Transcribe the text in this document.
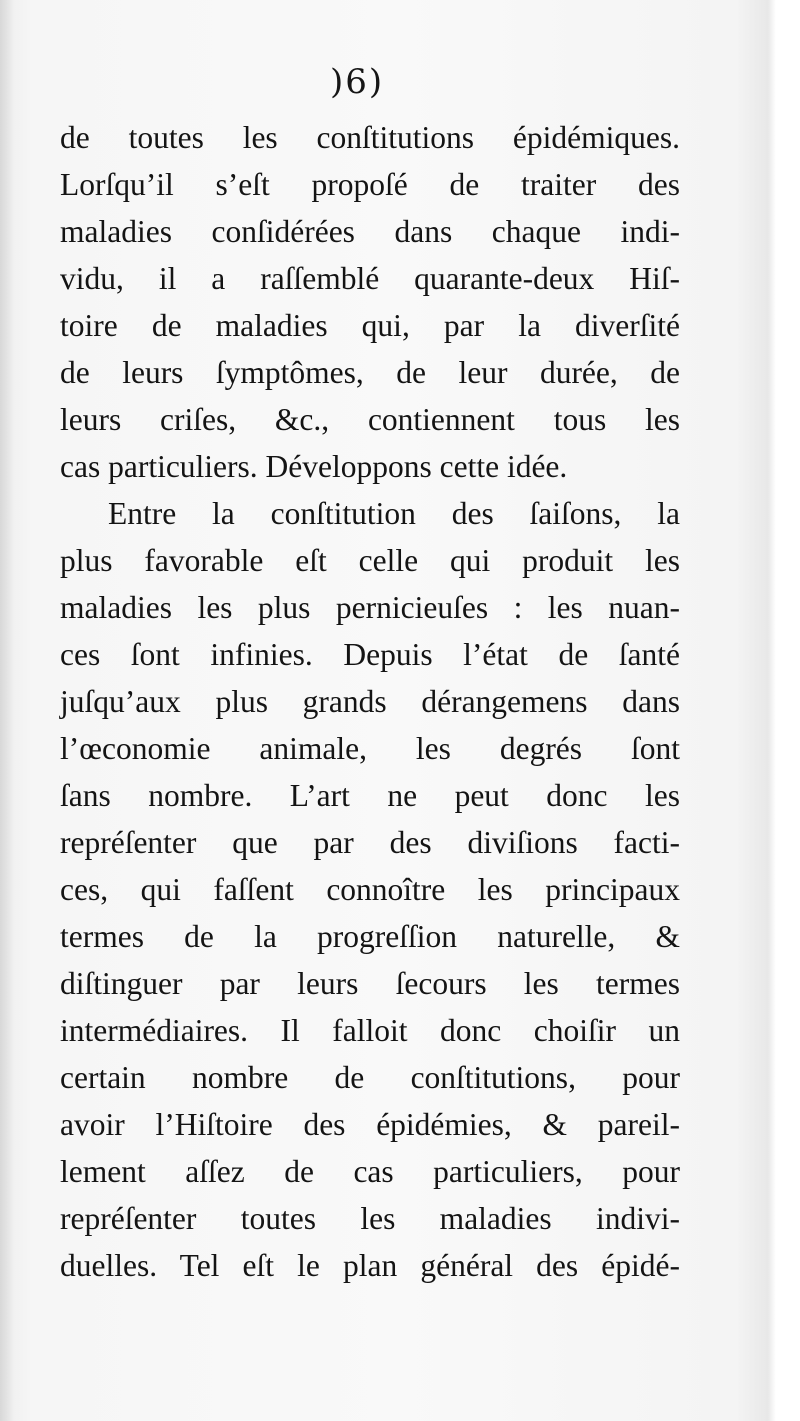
)6)
de toutes les conſtitutions épidémiques.
Lorſqu’il s’eſt propoſé de traiter des
maladies conſidérées dans chaque indi-
vidu, il a raſſemblé quarante-deux Hiſ-
toire de maladies qui, par la diverſité
de leurs ſymptômes, de leur durée, de
leurs criſes, &c., contiennent tous les
cas particuliers. Développons cette idée.
Entre la conſtitution des ſaiſons, la
plus favorable eſt celle qui produit les
maladies les plus pernicieuſes : les nuan-
ces ſont infinies. Depuis l’état de ſanté
juſqu’aux plus grands dérangemens dans
l’œconomie animale, les degrés ſont
ſans nombre. L’art ne peut donc les
repréſenter que par des diviſions facti-
ces, qui faſſent connoître les principaux
termes de la progreſſion naturelle, &
diſtinguer par leurs ſecours les termes
intermédiaires. Il falloit donc choiſir un
certain nombre de conſtitutions, pour
avoir l’Hiſtoire des épidémies, & pareil-
lement aſſez de cas particuliers, pour
repréſenter toutes les maladies indivi-
duelles. Tel eſt le plan général des épidé-
